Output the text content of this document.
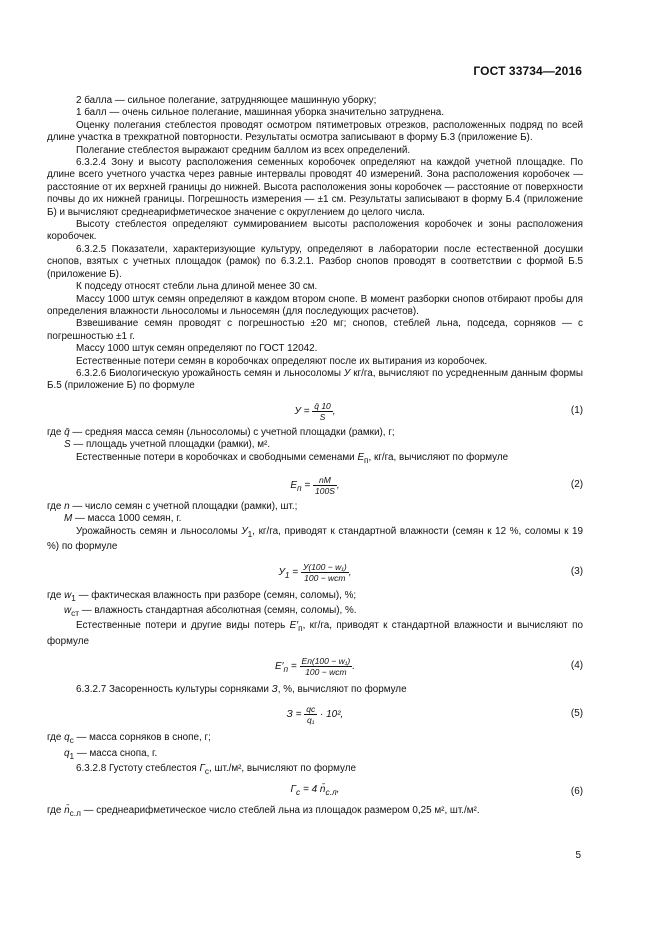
ГОСТ 33734—2016

2 балла — сильное полегание, затрудняющее машинную уборку;

1 балл — очень сильное полегание, машинная уборка значительно затруднена.

Оценку полегания стеблестоя проводят осмотром пятиметровых отрезков, расположенных подряд по всей длине участка в трехкратной повторности. Результаты осмотра записывают в форму Б.3 (приложение Б).

Полегание стеблестоя выражают средним баллом из всех определений.

6.3.2.4 Зону и высоту расположения семенных коробочек определяют на каждой учетной площадке. По длине всего учетного участка через равные интервалы проводят 40 измерений. Зона расположения коробочек — расстояние от их верхней границы до нижней. Высота расположения зоны коробочек — расстояние от поверхности почвы до их нижней границы. Погрешность измерения — ±1 см. Результаты записывают в форму Б.4 (приложение Б) и вычисляют среднеарифметическое значение с округлением до целого числа.

Высоту стеблестоя определяют суммированием высоты расположения коробочек и зоны расположения коробочек.

6.3.2.5 Показатели, характеризующие культуру, определяют в лаборатории после естественной досушки снопов, взятых с учетных площадок (рамок) по 6.3.2.1. Разбор снопов проводят в соответствии с формой Б.5 (приложение Б).

К подседу относят стебли льна длиной менее 30 см.

Массу 1000 штук семян определяют в каждом втором снопе. В момент разборки снопов отбирают пробы для определения влажности льносоломы и льносемян (для последующих расчетов).

Взвешивание семян проводят с погрешностью ±20 мг; снопов, стеблей льна, подседа, сорняков — с погрешностью ±1 г.

Массу 1000 штук семян определяют по ГОСТ 12042.

Естественные потери семян в коробочках определяют после их вытирания из коробочек.

6.3.2.6 Биологическую урожайность семян и льносоломы У кг/га, вычисляют по усредненным данным формы Б.5 (приложение Б) по формуле

$У = \frac{q̄ 10}{S}$ ,	(1)

где q̄ — средняя масса семян (льносоломы) с учетной площадки (рамки), г;

S — площадь учетной площадки (рамки), м².

Естественные потери в коробочках и свободными семенами $Е_п$, кг/га, вычисляют по формуле

$Е_п = \frac{nM}{100S}$ ,	(2)

где n — число семян с учетной площадки (рамки), шт.;

М — масса 1000 семян, г.

Урожайность семян и льносоломы $У_1$, кг/га, приводят к стандартной влажности (семян к 12 %, соломы к 19 %) по формуле

$У_1 = \frac{\text{У(100 − w₁)}}{\text{100 − wст}}$ ,	(3)

где $w_1$ — фактическая влажность при разборе (семян, соломы), %;

$w_{ст}$ — влажность стандартная абсолютная (семян, соломы), %.

Естественные потери и другие виды потерь $Е'_п$, кг/га, приводят к стандартной влажности и вычисляют по формуле

$Е'_п = \frac{\text{Еп(100 − w₁)}}{\text{100 − wст}}$ .	(4)

6.3.2.7 Засоренность культуры сорняками З, %, вычисляют по формуле

$З = \frac{qс}{\text{q₁}} \cdot 10^2$,	(5)

где $q_с$ — масса сорняков в снопе, г;

$q_1$ — масса снопа, г.

6.3.2.8 Густоту стеблестоя $Г_с$, шт./м², вычисляют по формуле

$Г_с = 4$ $n̄_{с.л}$,	(6)

где $n̄_{с.л}$ — среднеарифметическое число стеблей льна из площадок размером 0,25 м², шт./м².

5
